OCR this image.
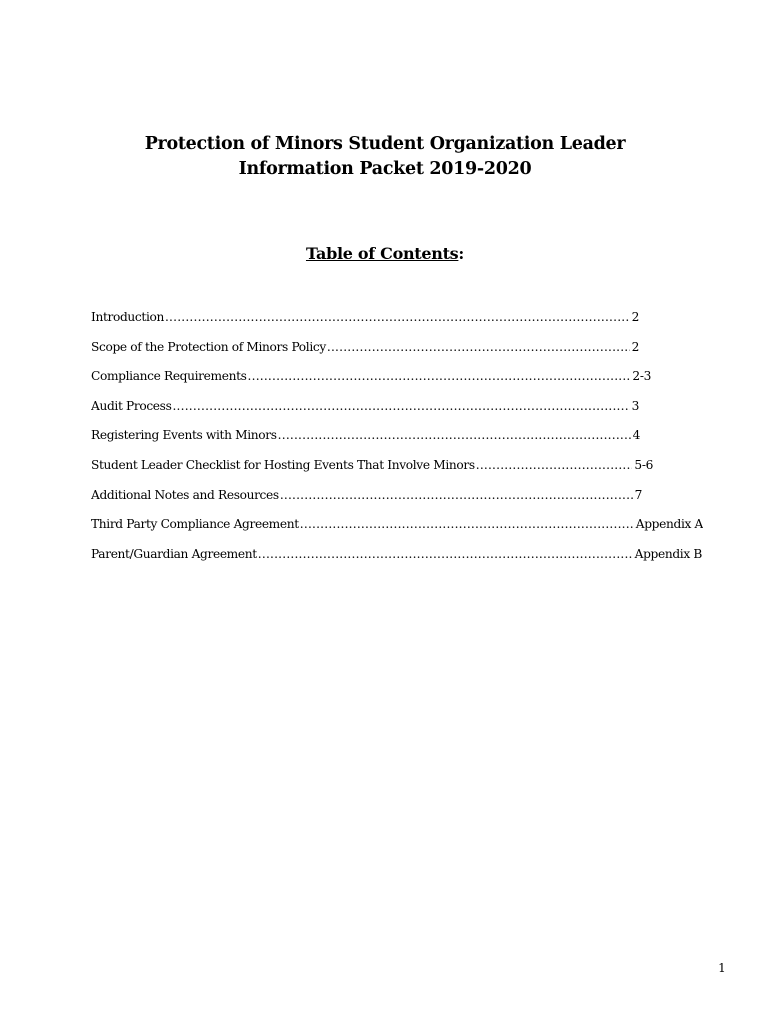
Protection of Minors Student Organization Leader
Information Packet 2019-2020
Table of Contents:
Introduction .....	2
Scope of the Protection of Minors Policy .....	2
Compliance Requirements .....	2-3
Audit Process .....	3
Registering Events with Minors .....	4
Student Leader Checklist for Hosting Events That Involve Minors .....	5-6
Additional Notes and Resources .....	7
Third Party Compliance Agreement .....	Appendix A
Parent/Guardian Agreement .....	Appendix B
1
